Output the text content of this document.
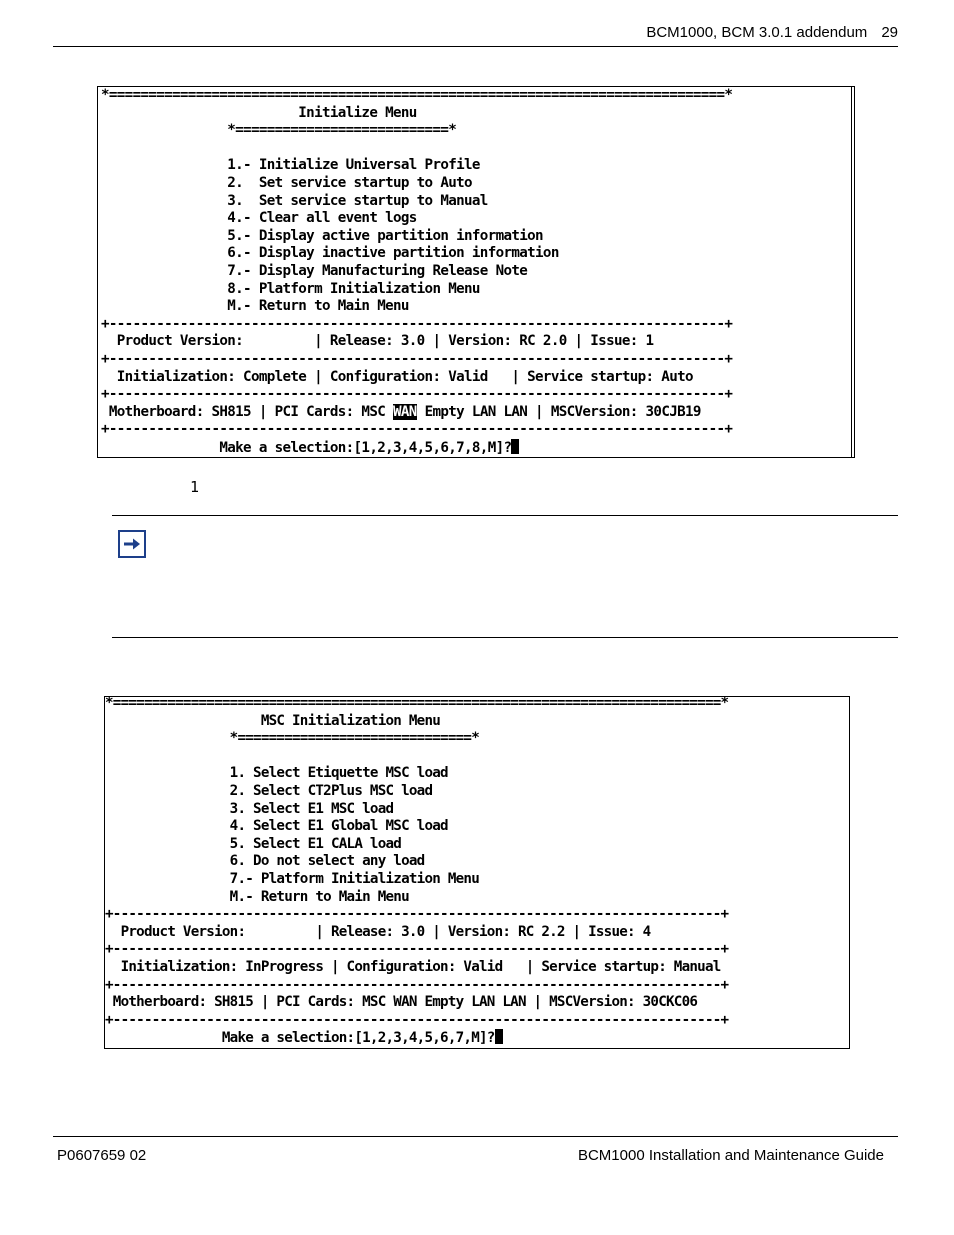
BCM1000, BCM 3.0.1 addendum 29
*==============================================================================*
Initialize Menu
*===========================*

1.- Initialize Universal Profile
2.  Set service startup to Auto
3.  Set service startup to Manual
4.- Clear all event logs
5.- Display active partition information
6.- Display inactive partition information
7.- Display Manufacturing Release Note
8.- Platform Initialization Menu
M.- Return to Main Menu
+------------------------------------------------------------------------------+
Product Version:         | Release: 3.0 | Version: RC 2.0 | Issue: 1
+------------------------------------------------------------------------------+
Initialization: Complete | Configuration: Valid   | Service startup: Auto
+------------------------------------------------------------------------------+
Motherboard: SH815 | PCI Cards: MSC WAN Empty LAN LAN | MSCVersion: 30CJB19
+------------------------------------------------------------------------------+
Make a selection:[1,2,3,4,5,6,7,8,M]?
1
*==============================================================================*
MSC Initialization Menu
*==============================*

1. Select Etiquette MSC load
2. Select CT2Plus MSC load
3. Select E1 MSC load
4. Select E1 Global MSC load
5. Select E1 CALA load
6. Do not select any load
7.- Platform Initialization Menu
M.- Return to Main Menu
+------------------------------------------------------------------------------+
Product Version:         | Release: 3.0 | Version: RC 2.2 | Issue: 4
+------------------------------------------------------------------------------+
Initialization: InProgress | Configuration: Valid   | Service startup: Manual
+------------------------------------------------------------------------------+
Motherboard: SH815 | PCI Cards: MSC WAN Empty LAN LAN | MSCVersion: 30CKC06
+------------------------------------------------------------------------------+
Make a selection:[1,2,3,4,5,6,7,M]?
P0607659 02	BCM1000 Installation and Maintenance Guide
